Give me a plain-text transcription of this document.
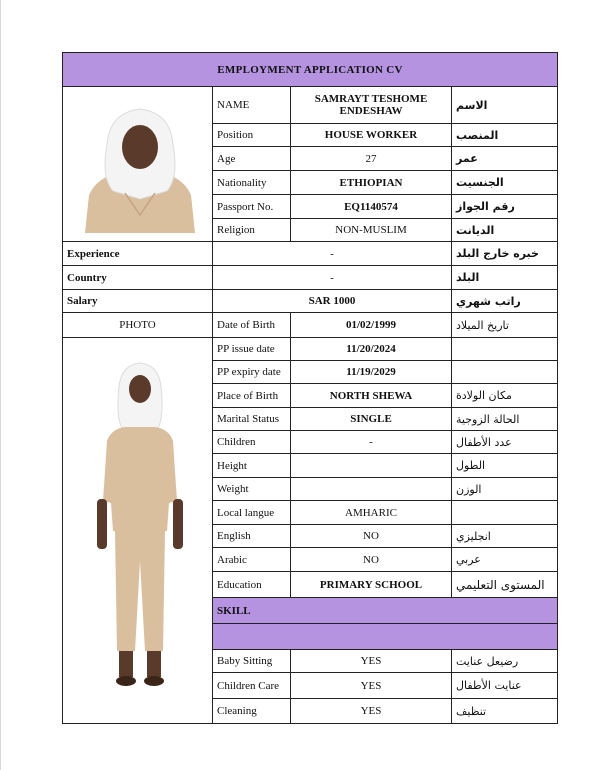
EMPLOYMENT APPLICATION CV			

	NAME	SAMRAYT TESHOME ENDESHAW	الاسم
	Position	HOUSE WORKER	المنصب
	Age	27	عمر
	Nationality	ETHIOPIAN	الجنسيت
	Passport No.	EQ1140574	رقم الجواز
	Religion	NON-MUSLIM	الديانت
Experience	-		خبره خارج البلد
Country	-		البلد
Salary	SAR 1000		راتب شهري
PHOTO	Date of Birth	01/02/1999	تاريخ الميلاد

	PP issue date	11/20/2024	
	PP expiry date	11/19/2029	
	Place of Birth	NORTH SHEWA	مكان الولادة
	Marital Status	SINGLE	الحالة الزوجية
	Children	-	عدد الأطفال
	Height		الطول
	Weight		الوزن
	Local langue	AMHARIC	
	English	NO	انجليزي
	Arabic	NO	عربي
	Education	PRIMARY SCHOOL	المستوى التعليمي
	SKILL		

	Baby Sitting	YES	رضيعل عنايت
	Children Care	YES	عنايت الأطفال
	Cleaning	YES	تنظيف
